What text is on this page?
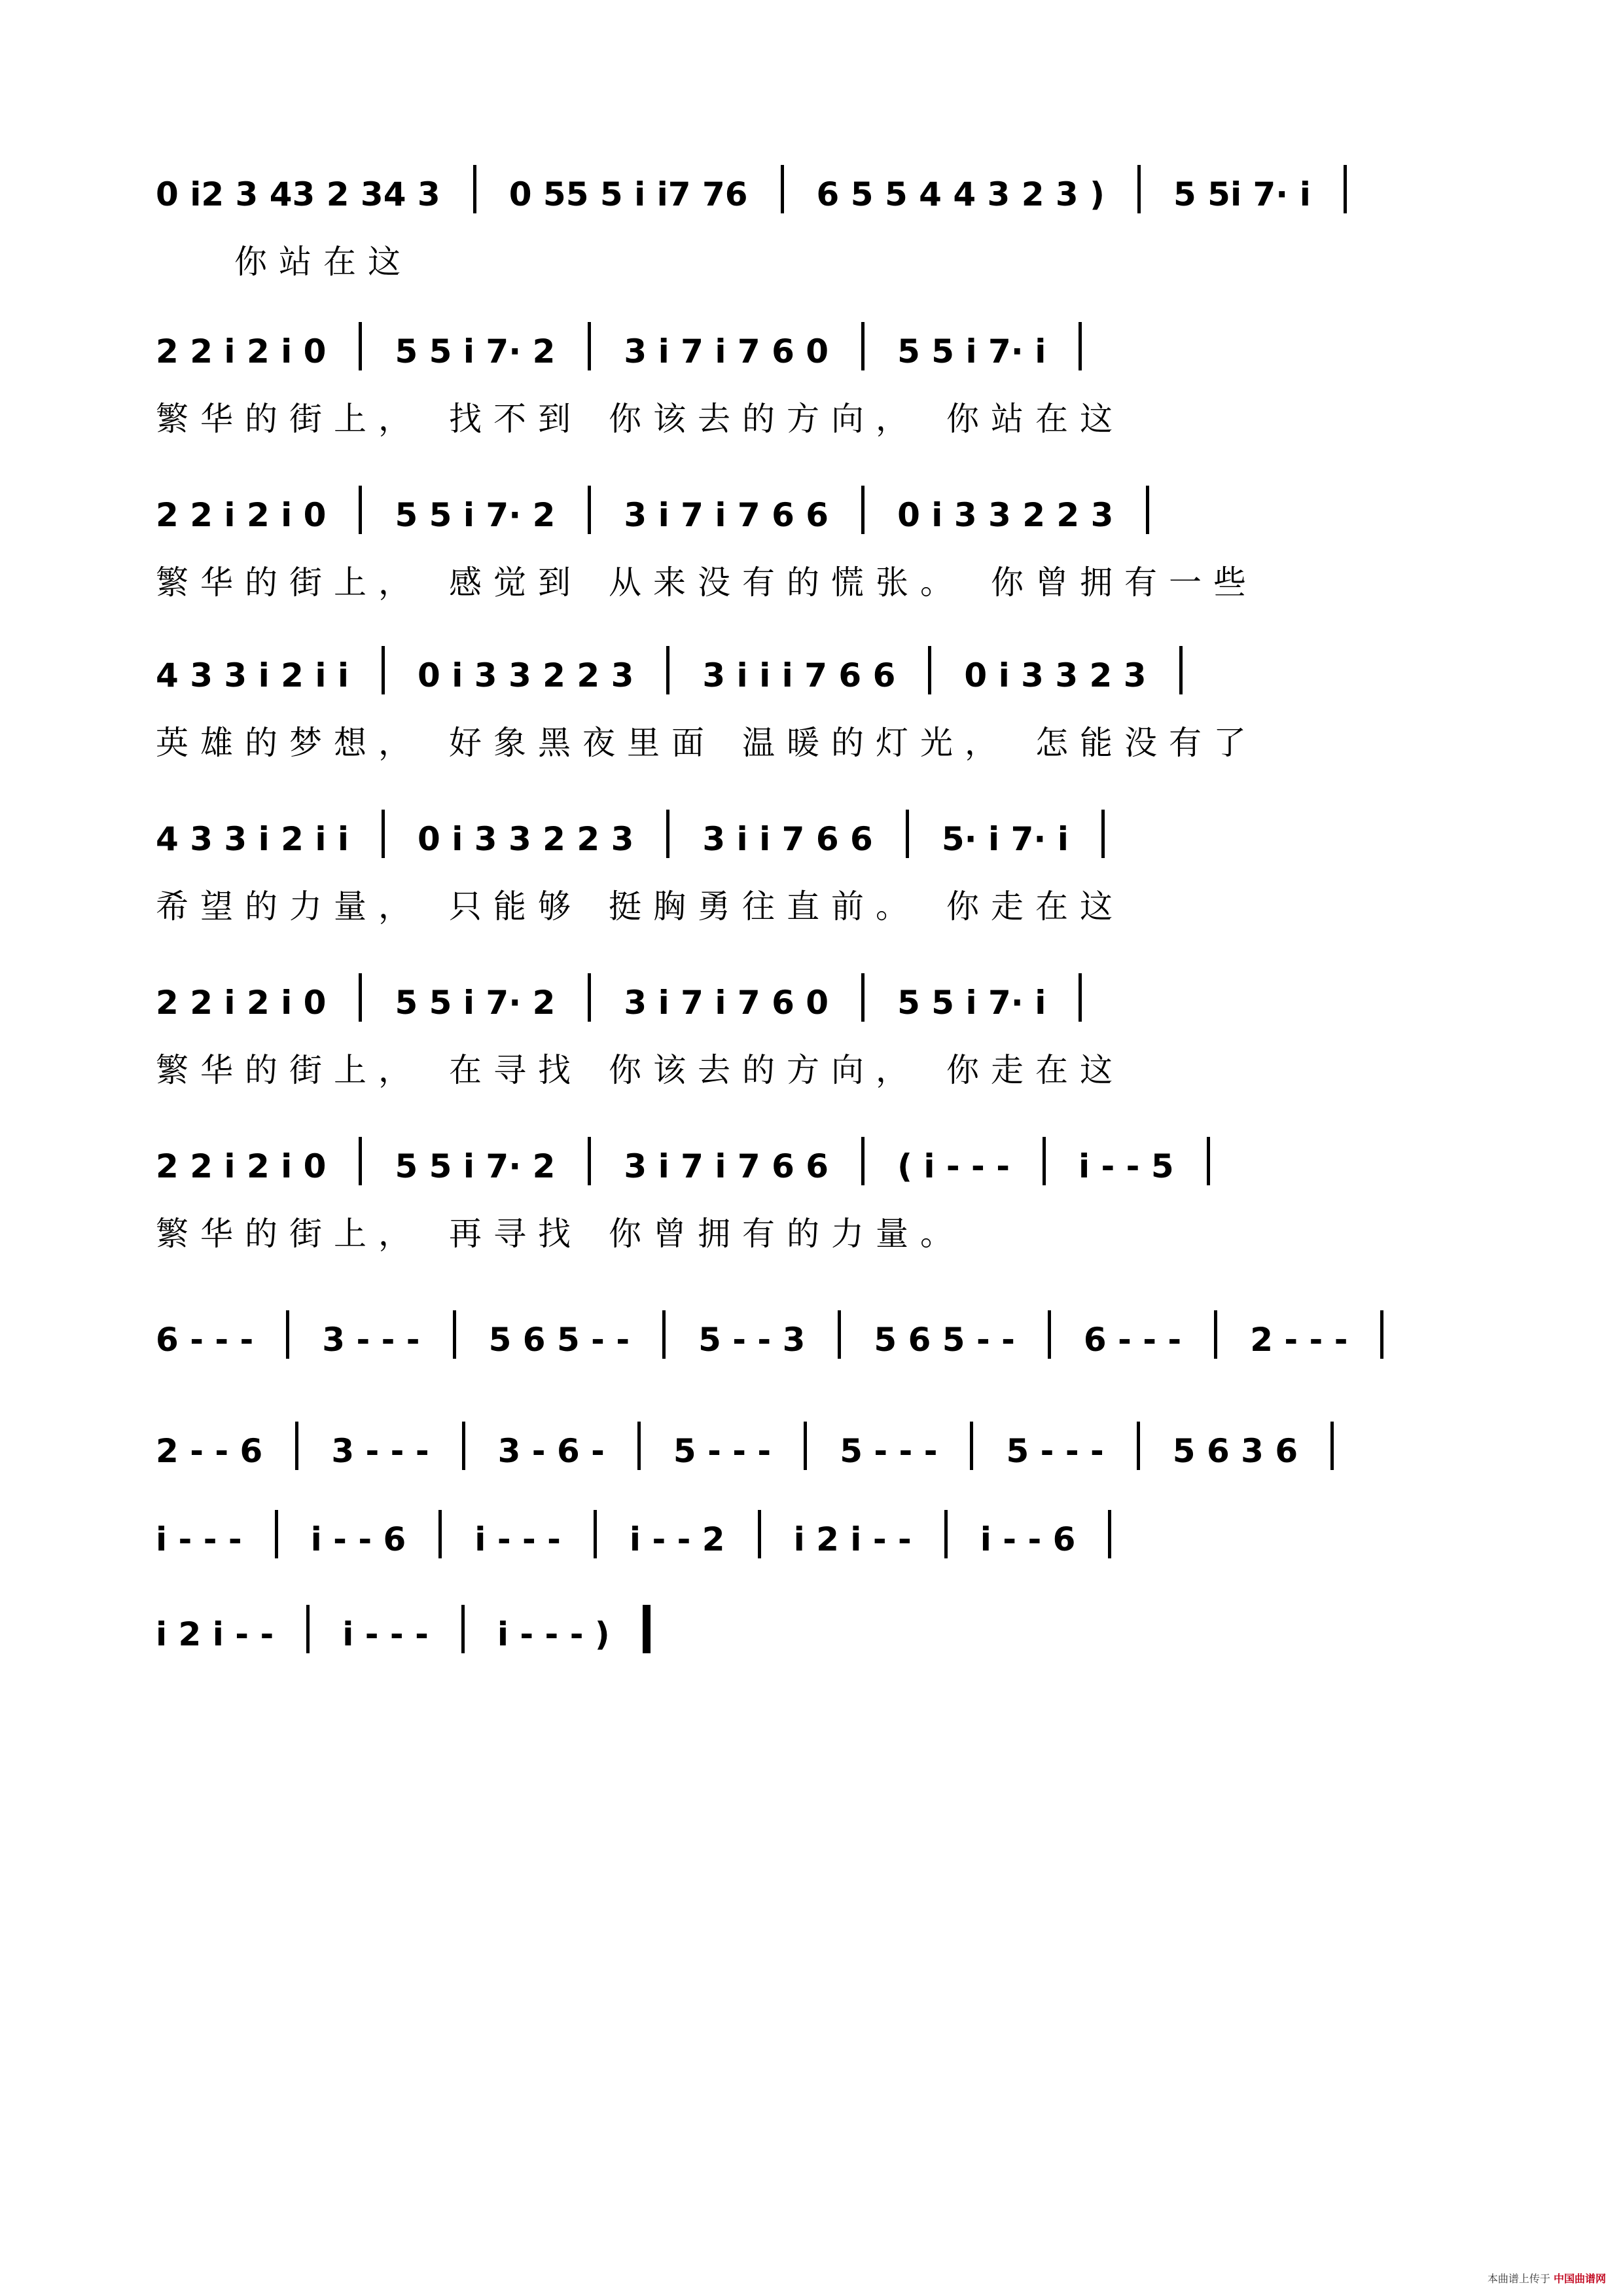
0 i2 3 43 2 34 3 0 55 5 i i7 76 6 5 5 4 4 3 2 3 ) 5 5i 7· i
你站在这
2 2 i 2 i 0 5 5 i 7· 2 3 i 7 i 7 6 0 5 5 i 7· i
繁华的街上， 找不到 你该去的方向， 你站在这
2 2 i 2 i 0 5 5 i 7· 2 3 i 7 i 7 6 6 0 i 3 3 2 2 3
繁华的街上， 感觉到 从来没有的慌张。 你曾拥有一些
4 3 3 i 2 i i 0 i 3 3 2 2 3 3 i i i 7 6 6 0 i 3 3 2 3
英雄的梦想， 好象黑夜里面 温暖的灯光， 怎能没有了
4 3 3 i 2 i i 0 i 3 3 2 2 3 3 i i 7 6 6 5· i 7· i
希望的力量， 只能够 挺胸勇往直前。 你走在这
2 2 i 2 i 0 5 5 i 7· 2 3 i 7 i 7 6 0 5 5 i 7· i
繁华的街上， 在寻找 你该去的方向， 你走在这
2 2 i 2 i 0 5 5 i 7· 2 3 i 7 i 7 6 6 ( i - - - i - - 5
繁华的街上， 再寻找 你曾拥有的力量。
6 - - - 3 - - - 5 6 5 - - 5 - - 3 5 6 5 - - 6 - - - 2 - - -
2 - - 6 3 - - - 3 - 6 - 5 - - - 5 - - - 5 - - - 5 6 3 6
i - - - i - - 6 i - - - i - - 2 i 2 i - - i - - 6
i 2 i - - i - - - i - - - )
本曲谱上传于 中国曲谱网
